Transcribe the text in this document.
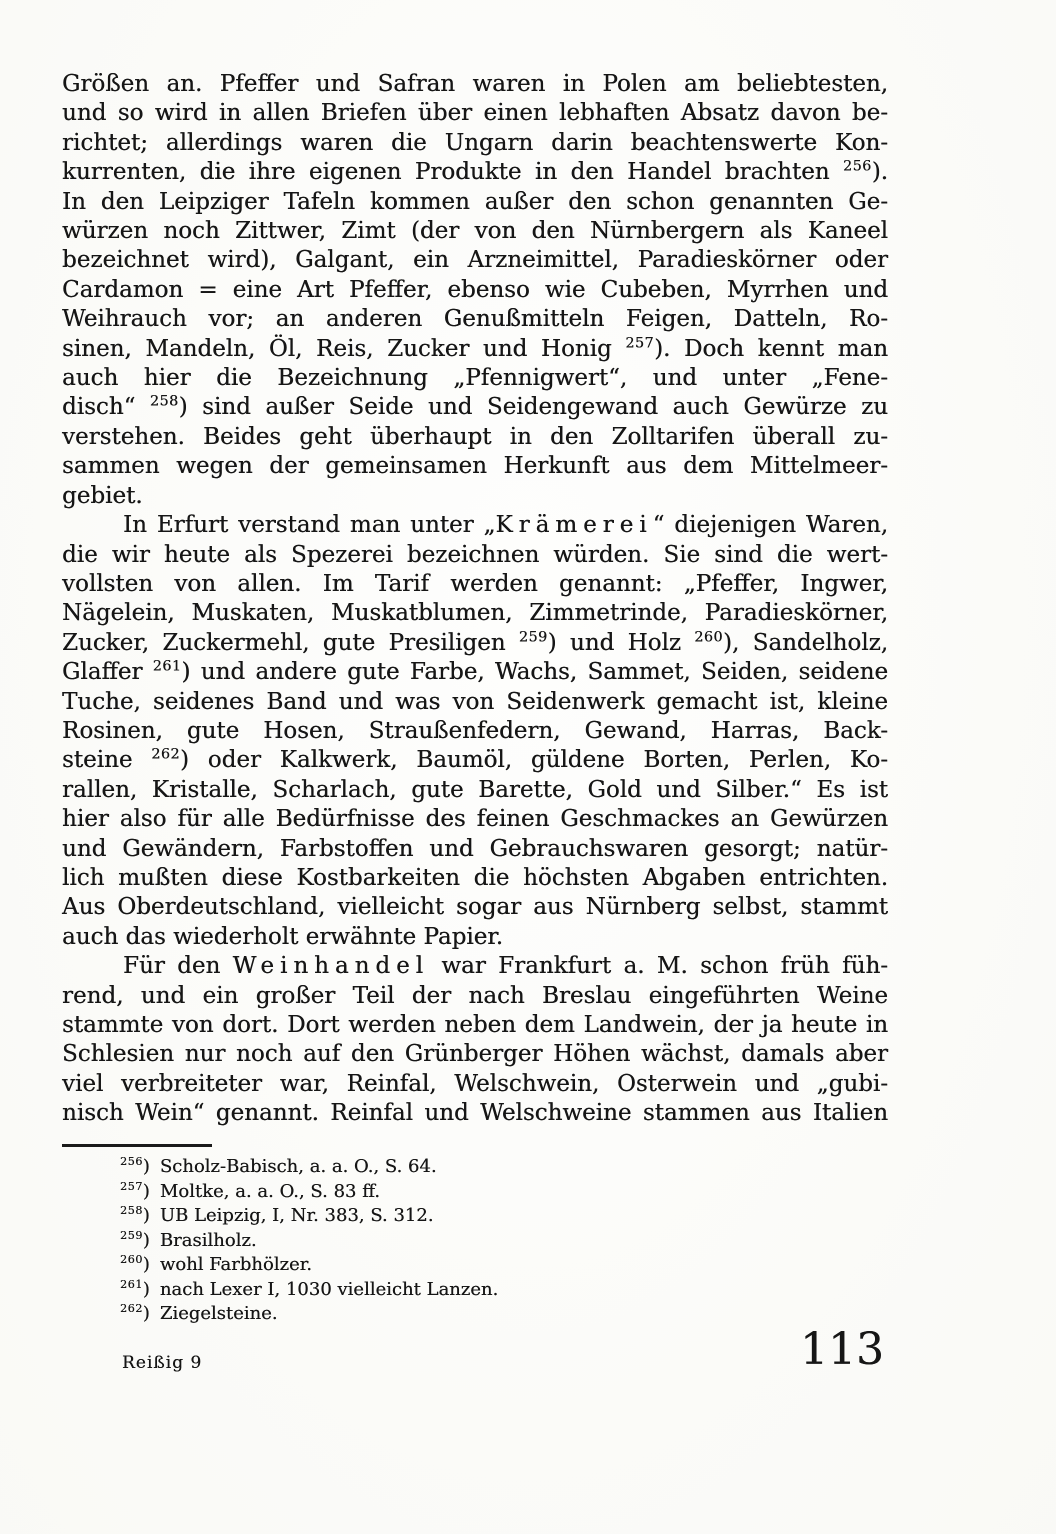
Größen an. Pfeffer und Safran waren in Polen am beliebtesten,
und so wird in allen Briefen über einen lebhaften Absatz davon be-
richtet; allerdings waren die Ungarn darin beachtenswerte Kon-
kurrenten, die ihre eigenen Produkte in den Handel brachten $^{256}$).
In den Leipziger Tafeln kommen außer den schon genannten Ge-
würzen noch Zittwer, Zimt (der von den Nürnbergern als Kaneel
bezeichnet wird), Galgant, ein Arzneimittel, Paradieskörner oder
Cardamon = eine Art Pfeffer, ebenso wie Cubeben, Myrrhen und
Weihrauch vor; an anderen Genußmitteln Feigen, Datteln, Ro-
sinen, Mandeln, Öl, Reis, Zucker und Honig $^{257}$). Doch kennt man
auch hier die Bezeichnung „Pfennigwert“, und unter „Fene-
disch“ $^{258}$) sind außer Seide und Seidengewand auch Gewürze zu
verstehen. Beides geht überhaupt in den Zolltarifen überall zu-
sammen wegen der gemeinsamen Herkunft aus dem Mittelmeer-
gebiet.
In Erfurt verstand man unter „Krämerei“ diejenigen Waren,
die wir heute als Spezerei bezeichnen würden. Sie sind die wert-
vollsten von allen. Im Tarif werden genannt: „Pfeffer, Ingwer,
Nägelein, Muskaten, Muskatblumen, Zimmetrinde, Paradieskörner,
Zucker, Zuckermehl, gute Presiligen $^{259}$) und Holz $^{260}$), Sandelholz,
Glaffer $^{261}$) und andere gute Farbe, Wachs, Sammet, Seiden, seidene
Tuche, seidenes Band und was von Seidenwerk gemacht ist, kleine
Rosinen, gute Hosen, Straußenfedern, Gewand, Harras, Back-
steine $^{262}$) oder Kalkwerk, Baumöl, güldene Borten, Perlen, Ko-
rallen, Kristalle, Scharlach, gute Barette, Gold und Silber.“ Es ist
hier also für alle Bedürfnisse des feinen Geschmackes an Gewürzen
und Gewändern, Farbstoffen und Gebrauchswaren gesorgt; natür-
lich mußten diese Kostbarkeiten die höchsten Abgaben entrichten.
Aus Oberdeutschland, vielleicht sogar aus Nürnberg selbst, stammt
auch das wiederholt erwähnte Papier.
Für den Weinhandel war Frankfurt a. M. schon früh füh-
rend, und ein großer Teil der nach Breslau eingeführten Weine
stammte von dort. Dort werden neben dem Landwein, der ja heute in
Schlesien nur noch auf den Grünberger Höhen wächst, damals aber
viel verbreiteter war, Reinfal, Welschwein, Osterwein und „gubi-
nisch Wein“ genannt. Reinfal und Welschweine stammen aus Italien
$^{256}$) Scholz-Babisch, a. a. O., S. 64.
$^{257}$) Moltke, a. a. O., S. 83 ff.
$^{258}$) UB Leipzig, I, Nr. 383, S. 312.
$^{259}$) Brasilholz.
$^{260}$) wohl Farbhölzer.
$^{261}$) nach Lexer I, 1030 vielleicht Lanzen.
$^{262}$) Ziegelsteine.
Reißig 9	113
